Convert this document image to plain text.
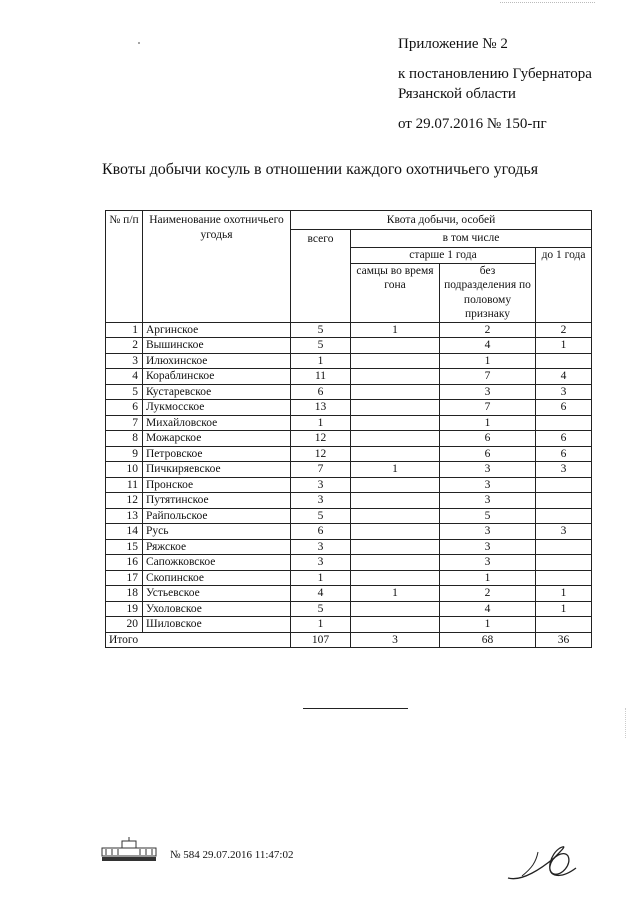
Приложение № 2
к постановлению Губернатора
Рязанской области
от 29.07.2016 № 150-пг
Квоты добычи косуль в отношении каждого охотничьего угодья
№ п/п	Наименование охотничьего угодья	Квота добычи, особей			
		всего	в том числе		
			старше 1 года		до 1 года
			самцы во время гона	без подразделения по половому признаку	
1	Аргинское	5	1	2	2
2	Вышинское	5		4	1
3	Илюхинское	1		1	
4	Кораблинское	11		7	4
5	Кустаревское	6		3	3
6	Лукмосское	13		7	6
7	Михайловское	1		1	
8	Можарское	12		6	6
9	Петровское	12		6	6
10	Пичкиряевское	7	1	3	3
11	Пронское	3		3	
12	Путятинское	3		3	
13	Райпольское	5		5	
14	Русь	6		3	3
15	Ряжское	3		3	
16	Сапожковское	3		3	
17	Скопинское	1		1	
18	Устьевское	4	1	2	1
19	Ухоловское	5		4	1
20	Шиловское	1		1	
Итого		107	3	68	36
№ 584 29.07.2016 11:47:02
